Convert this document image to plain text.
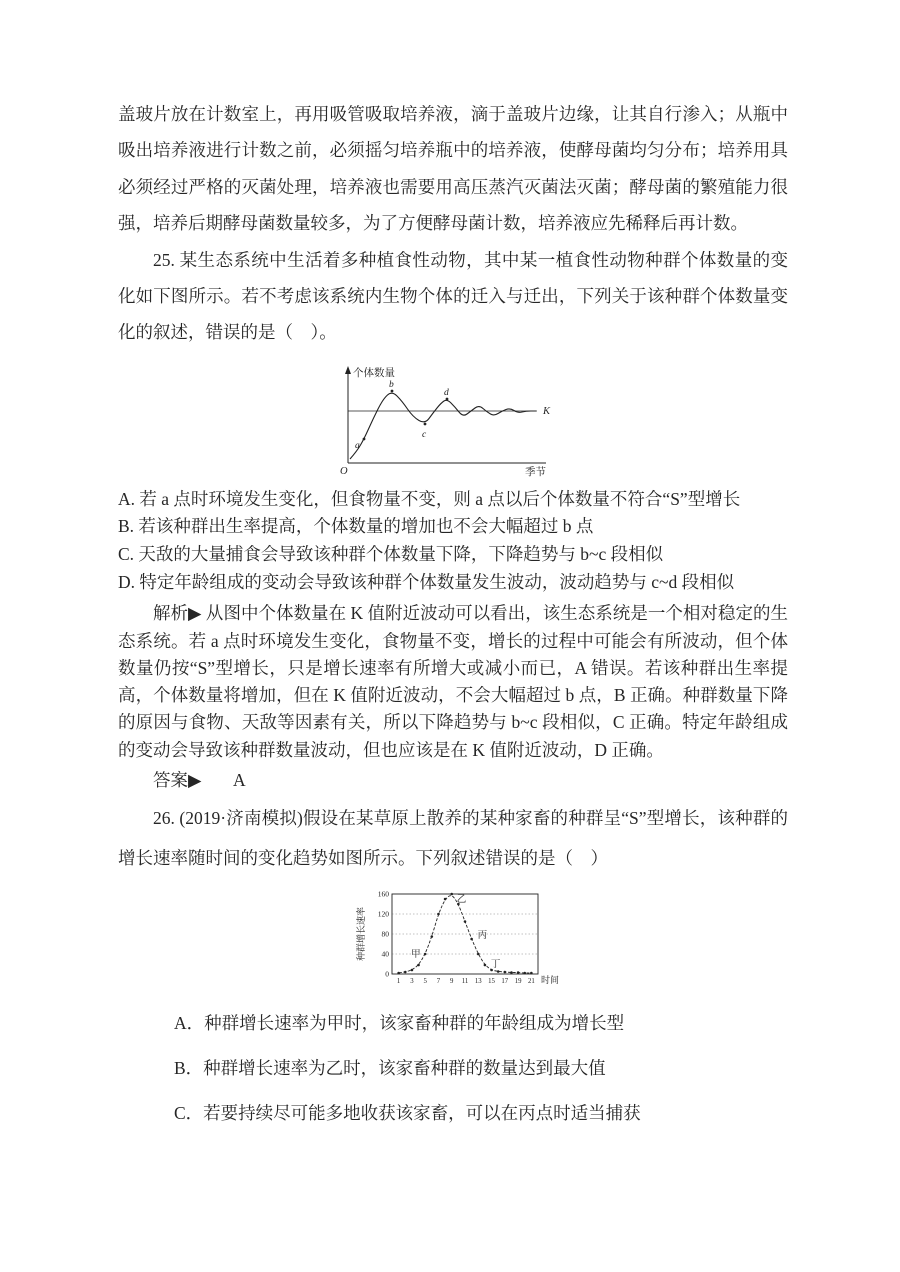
盖玻片放在计数室上，再用吸管吸取培养液，滴于盖玻片边缘，让其自行渗入；从瓶中吸出培养液进行计数之前，必须摇匀培养瓶中的培养液，使酵母菌均匀分布；培养用具必须经过严格的灭菌处理，培养液也需要用高压蒸汽灭菌法灭菌；酵母菌的繁殖能力很强，培养后期酵母菌数量较多，为了方便酵母菌计数，培养液应先稀释后再计数。

25. 某生态系统中生活着多种植食性动物，其中某一植食性动物种群个体数量的变化如下图所示。若不考虑该系统内生物个体的迁入与迁出，下列关于该种群个体数量变化的叙述，错误的是（　）。

a
b
c
d
个体数量
季节
K
O

A. 若 a 点时环境发生变化，但食物量不变，则 a 点以后个体数量不符合“S”型增长

B. 若该种群出生率提高，个体数量的增加也不会大幅超过 b 点

C. 天敌的大量捕食会导致该种群个体数量下降，下降趋势与 b~c 段相似

D. 特定年龄组成的变动会导致该种群个体数量发生波动，波动趋势与 c~d 段相似

解析▶ 从图中个体数量在 K 值附近波动可以看出，该生态系统是一个相对稳定的生态系统。若 a 点时环境发生变化，食物量不变，增长的过程中可能会有所波动，但个体数量仍按“S”型增长，只是增长速率有所增大或减小而已，A 错误。若该种群出生率提高，个体数量将增加，但在 K 值附近波动，不会大幅超过 b 点，B 正确。种群数量下降的原因与食物、天敌等因素有关，所以下降趋势与 b~c 段相似，C 正确。特定年龄组成的变动会导致该种群数量波动，但也应该是在 K 值附近波动，D 正确。

答案▶ A

26. (2019·济南模拟)假设在某草原上散养的某种家畜的种群呈“S”型增长，该种群的增长速率随时间的变化趋势如图所示。下列叙述错误的是（　）

0
40
80
120
160
1 3 5 7 9 11 13 15 17 19 21
甲
乙
丙
丁
时间
种群增长速率

A．种群增长速率为甲时，该家畜种群的年龄组成为增长型

B．种群增长速率为乙时，该家畜种群的数量达到最大值

C．若要持续尽可能多地收获该家畜，可以在丙点时适当捕获
